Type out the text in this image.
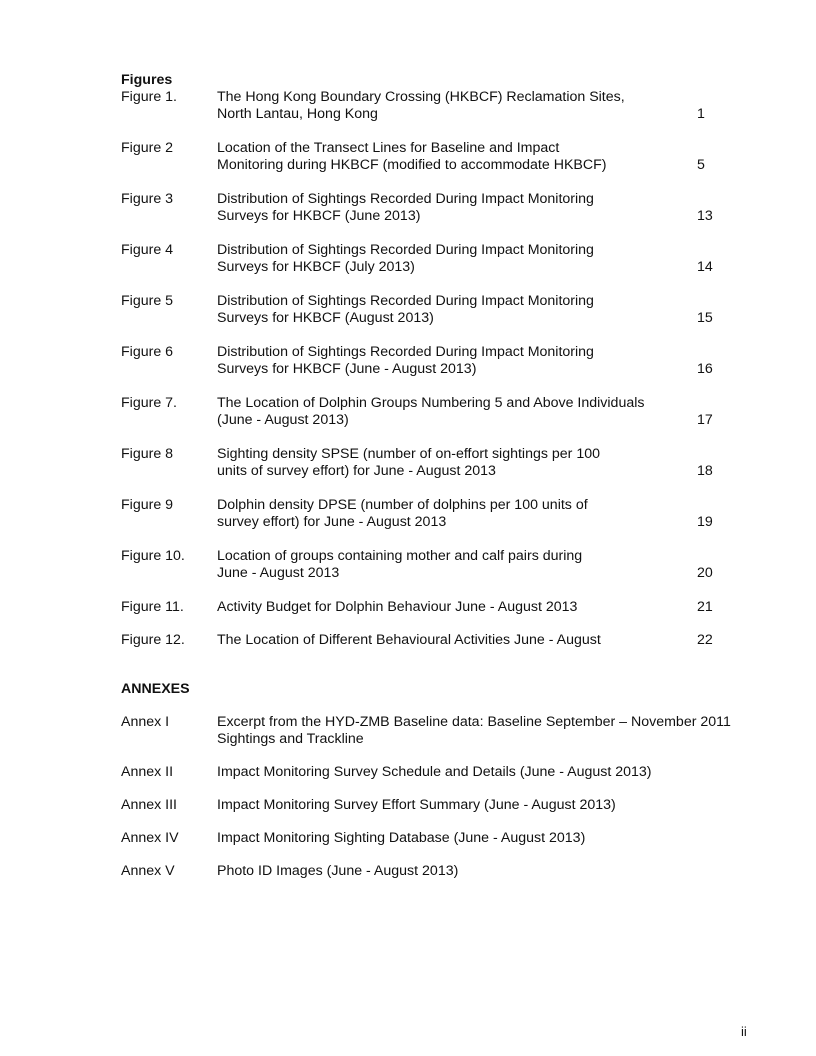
Figures
Figure 1.	The Hong Kong Boundary Crossing (HKBCF) Reclamation Sites,
North Lantau, Hong Kong	1
Figure 2	Location of the Transect Lines for Baseline and Impact
Monitoring during HKBCF (modified to accommodate HKBCF)	5
Figure 3	Distribution of Sightings Recorded During Impact Monitoring
Surveys for HKBCF (June 2013)	13
Figure 4	Distribution of Sightings Recorded During Impact Monitoring
Surveys for HKBCF (July 2013)	14
Figure 5	Distribution of Sightings Recorded During Impact Monitoring
Surveys for HKBCF (August 2013)	15
Figure 6	Distribution of Sightings Recorded During Impact Monitoring
Surveys for HKBCF (June - August 2013)	16
Figure 7.	The Location of Dolphin Groups Numbering 5 and Above Individuals
(June - August 2013)	17
Figure 8	Sighting density SPSE (number of on-effort sightings per 100
units of survey effort) for June - August 2013	18
Figure 9	Dolphin density DPSE (number of dolphins per 100 units of
survey effort) for June - August 2013	19
Figure 10.	Location of groups containing mother and calf pairs during
June - August 2013	20
Figure 11.	Activity Budget for Dolphin Behaviour June - August 2013	21
Figure 12.	The Location of Different Behavioural Activities June - August	22
ANNEXES
Annex I	Excerpt from the HYD-ZMB Baseline data: Baseline September – November 2011
Sightings and Trackline
Annex II	Impact Monitoring Survey Schedule and Details (June - August 2013)
Annex III	Impact Monitoring Survey Effort Summary (June - August 2013)
Annex IV	Impact Monitoring Sighting Database (June - August 2013)
Annex V	Photo ID Images (June - August 2013)
ii
